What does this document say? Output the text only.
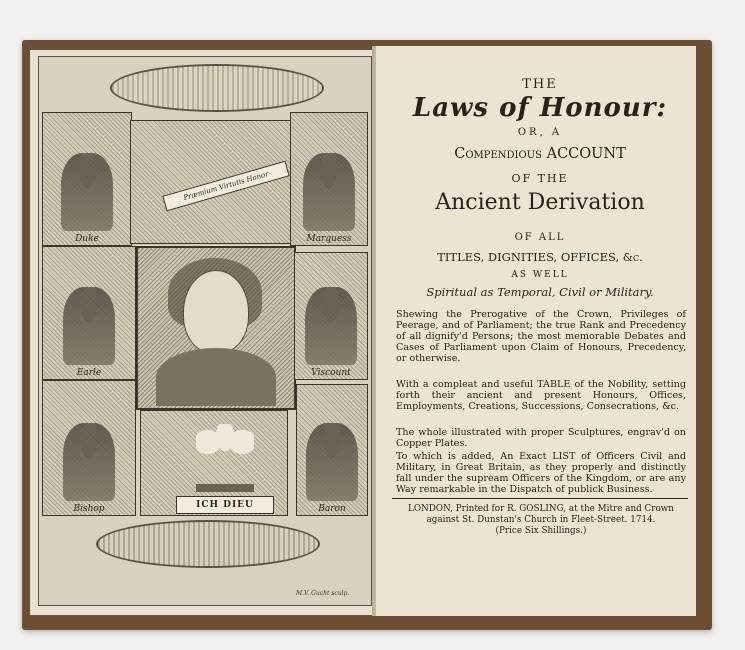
Duke
Præmium Virtutis Honor
Marquess
Earle	Viscount
Bishop	ICH DIEU	Baron
M.V. Gucht sculp.
THE
Laws of Honour:
OR, A
Compendious ACCOUNT
OF THE
Ancient Derivation
OF ALL
TITLES, DIGNITIES, OFFICES, &c.
AS WELL
Spiritual as Temporal, Civil or Military.
Shewing the Prerogative of the Crown, Privileges of Peerage, and of Parliament; the true Rank and Precedency of all dignify'd Persons; the most memorable Debates and Cases of Parliament upon Claim of Honours, Precedency, or otherwise.
With a compleat and useful TABLE of the Nobility, setting forth their ancient and present Honours, Offices, Employments, Creations, Successions, Consecrations, &c.
The whole illustrated with proper Sculptures, engrav'd on Copper Plates.
To which is added, An Exact LIST of Officers Civil and Military, in Great Britain, as they properly and distinctly fall under the supream Officers of the Kingdom, or are any Way remarkable in the Dispatch of publick Business.
LONDON, Printed for R. GOSLING, at the Mitre and Crown
against St. Dunstan's Church in Fleet-Street. 1714.
(Price Six Shillings.)
